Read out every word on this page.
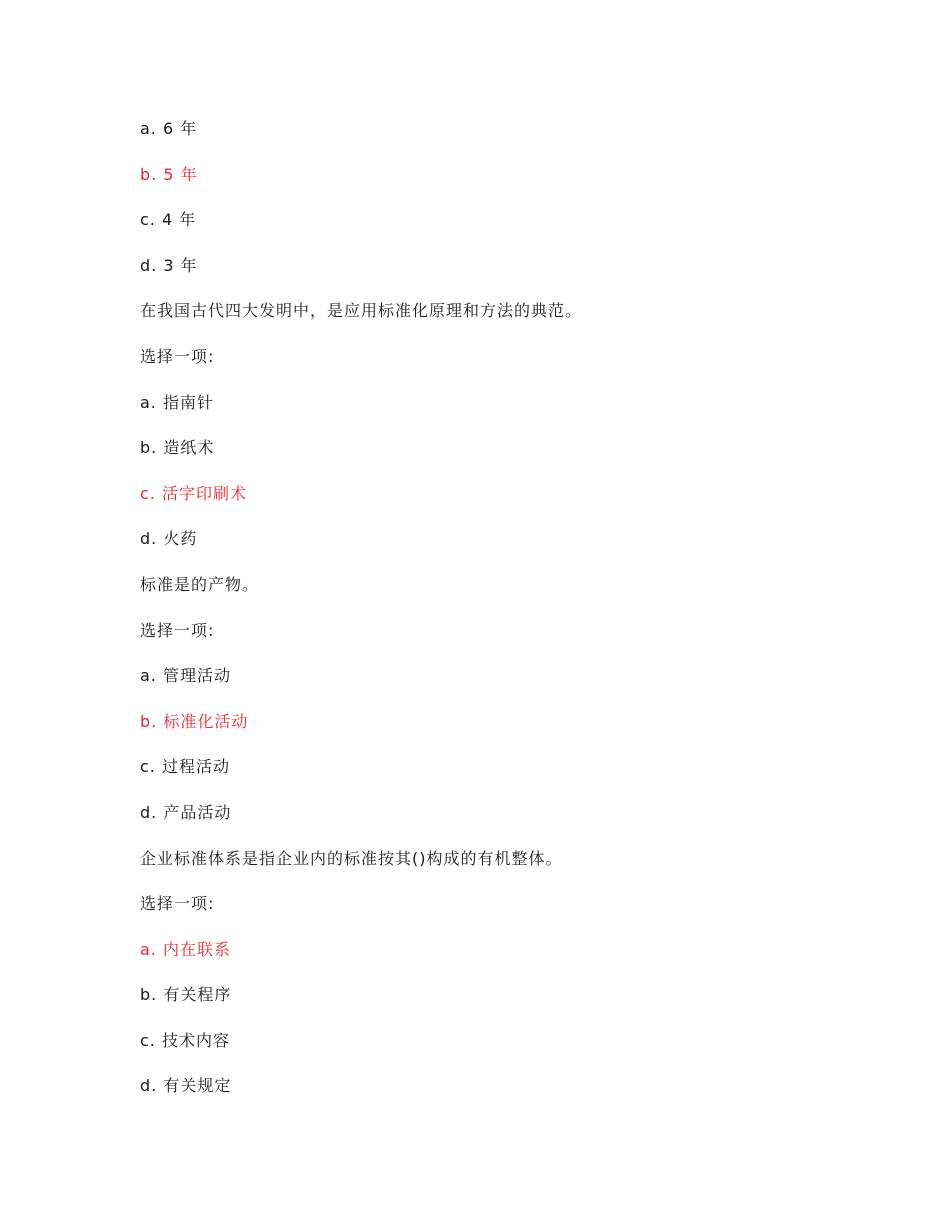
a. 6 年
b. 5 年
c. 4 年
d. 3 年
在我国古代四大发明中，是应用标准化原理和方法的典范。
选择一项:
a. 指南针
b. 造纸术
c. 活字印刷术
d. 火药
标准是的产物。
选择一项:
a. 管理活动
b. 标准化活动
c. 过程活动
d. 产品活动
企业标准体系是指企业内的标准按其()构成的有机整体。
选择一项:
a. 内在联系
b. 有关程序
c. 技术内容
d. 有关规定
